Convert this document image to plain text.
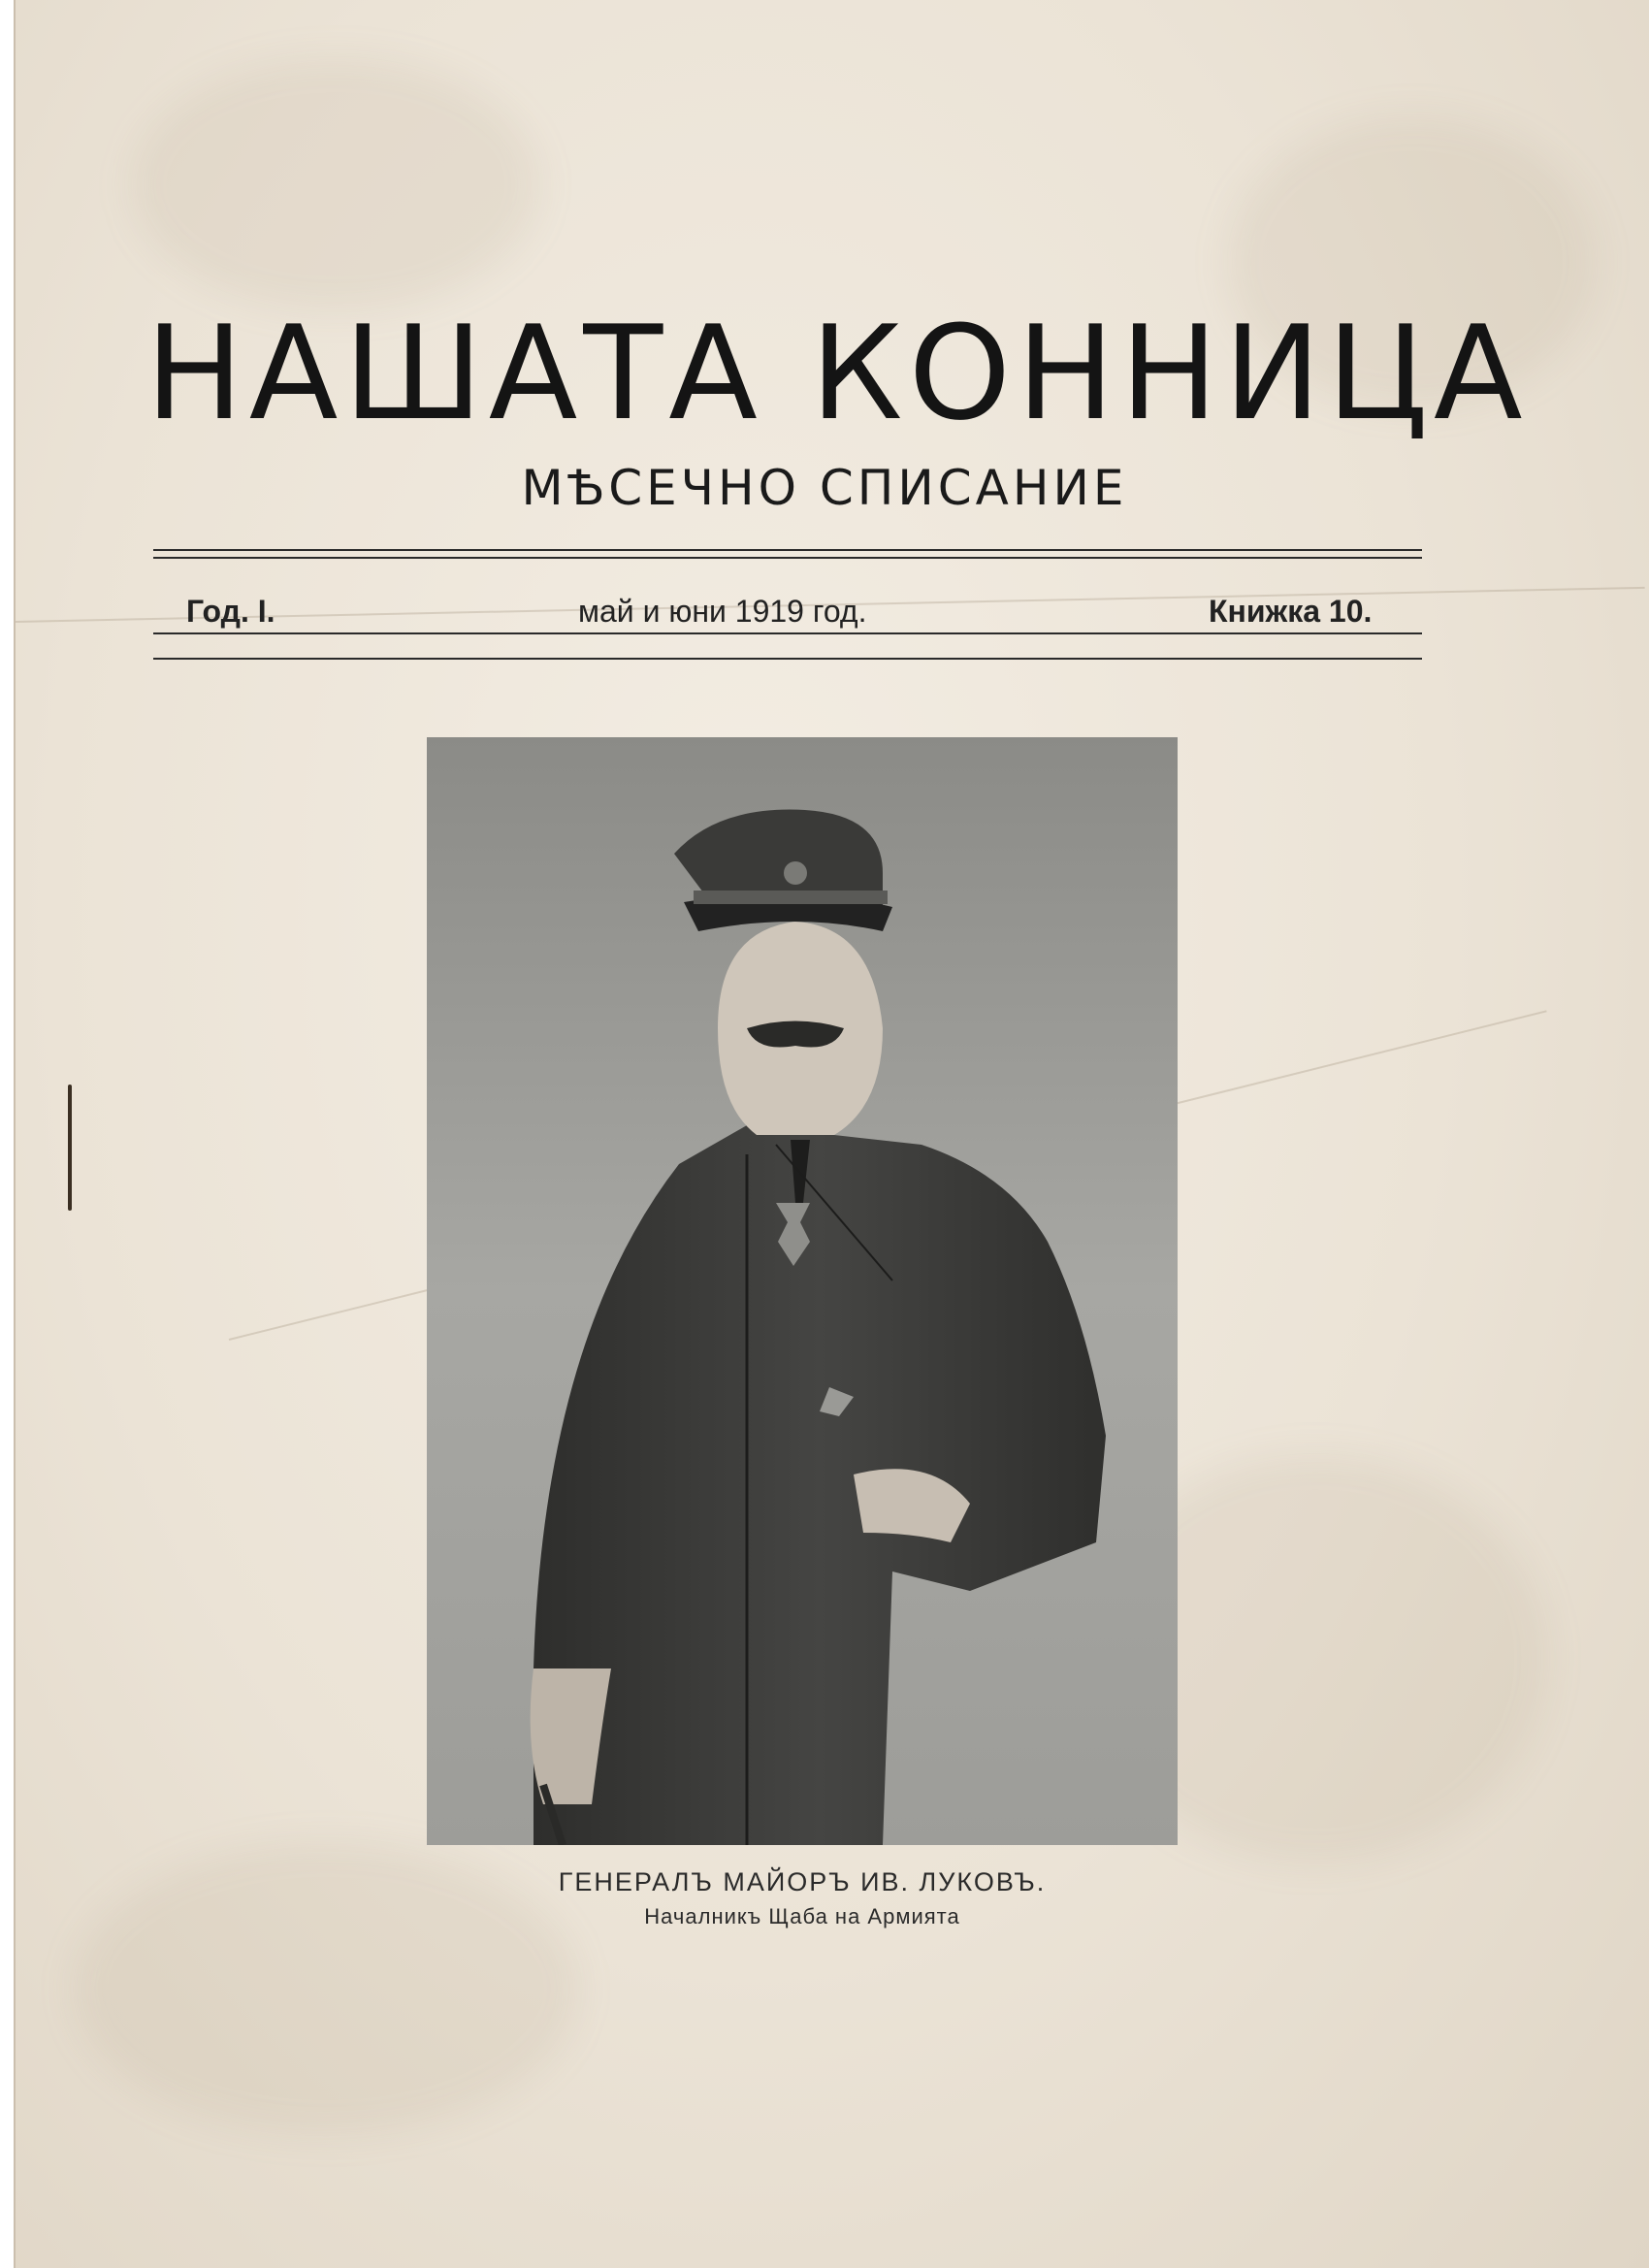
НАШАТА КОННИЦА
МѢСЕЧНО СПИСАНИЕ
Год. I.	май и юни 1919 год.	Книжка 10.
ГЕНЕРАЛЪ МАЙОРЪ ИВ. ЛУКОВЪ.
Началникъ Щаба на Армията
